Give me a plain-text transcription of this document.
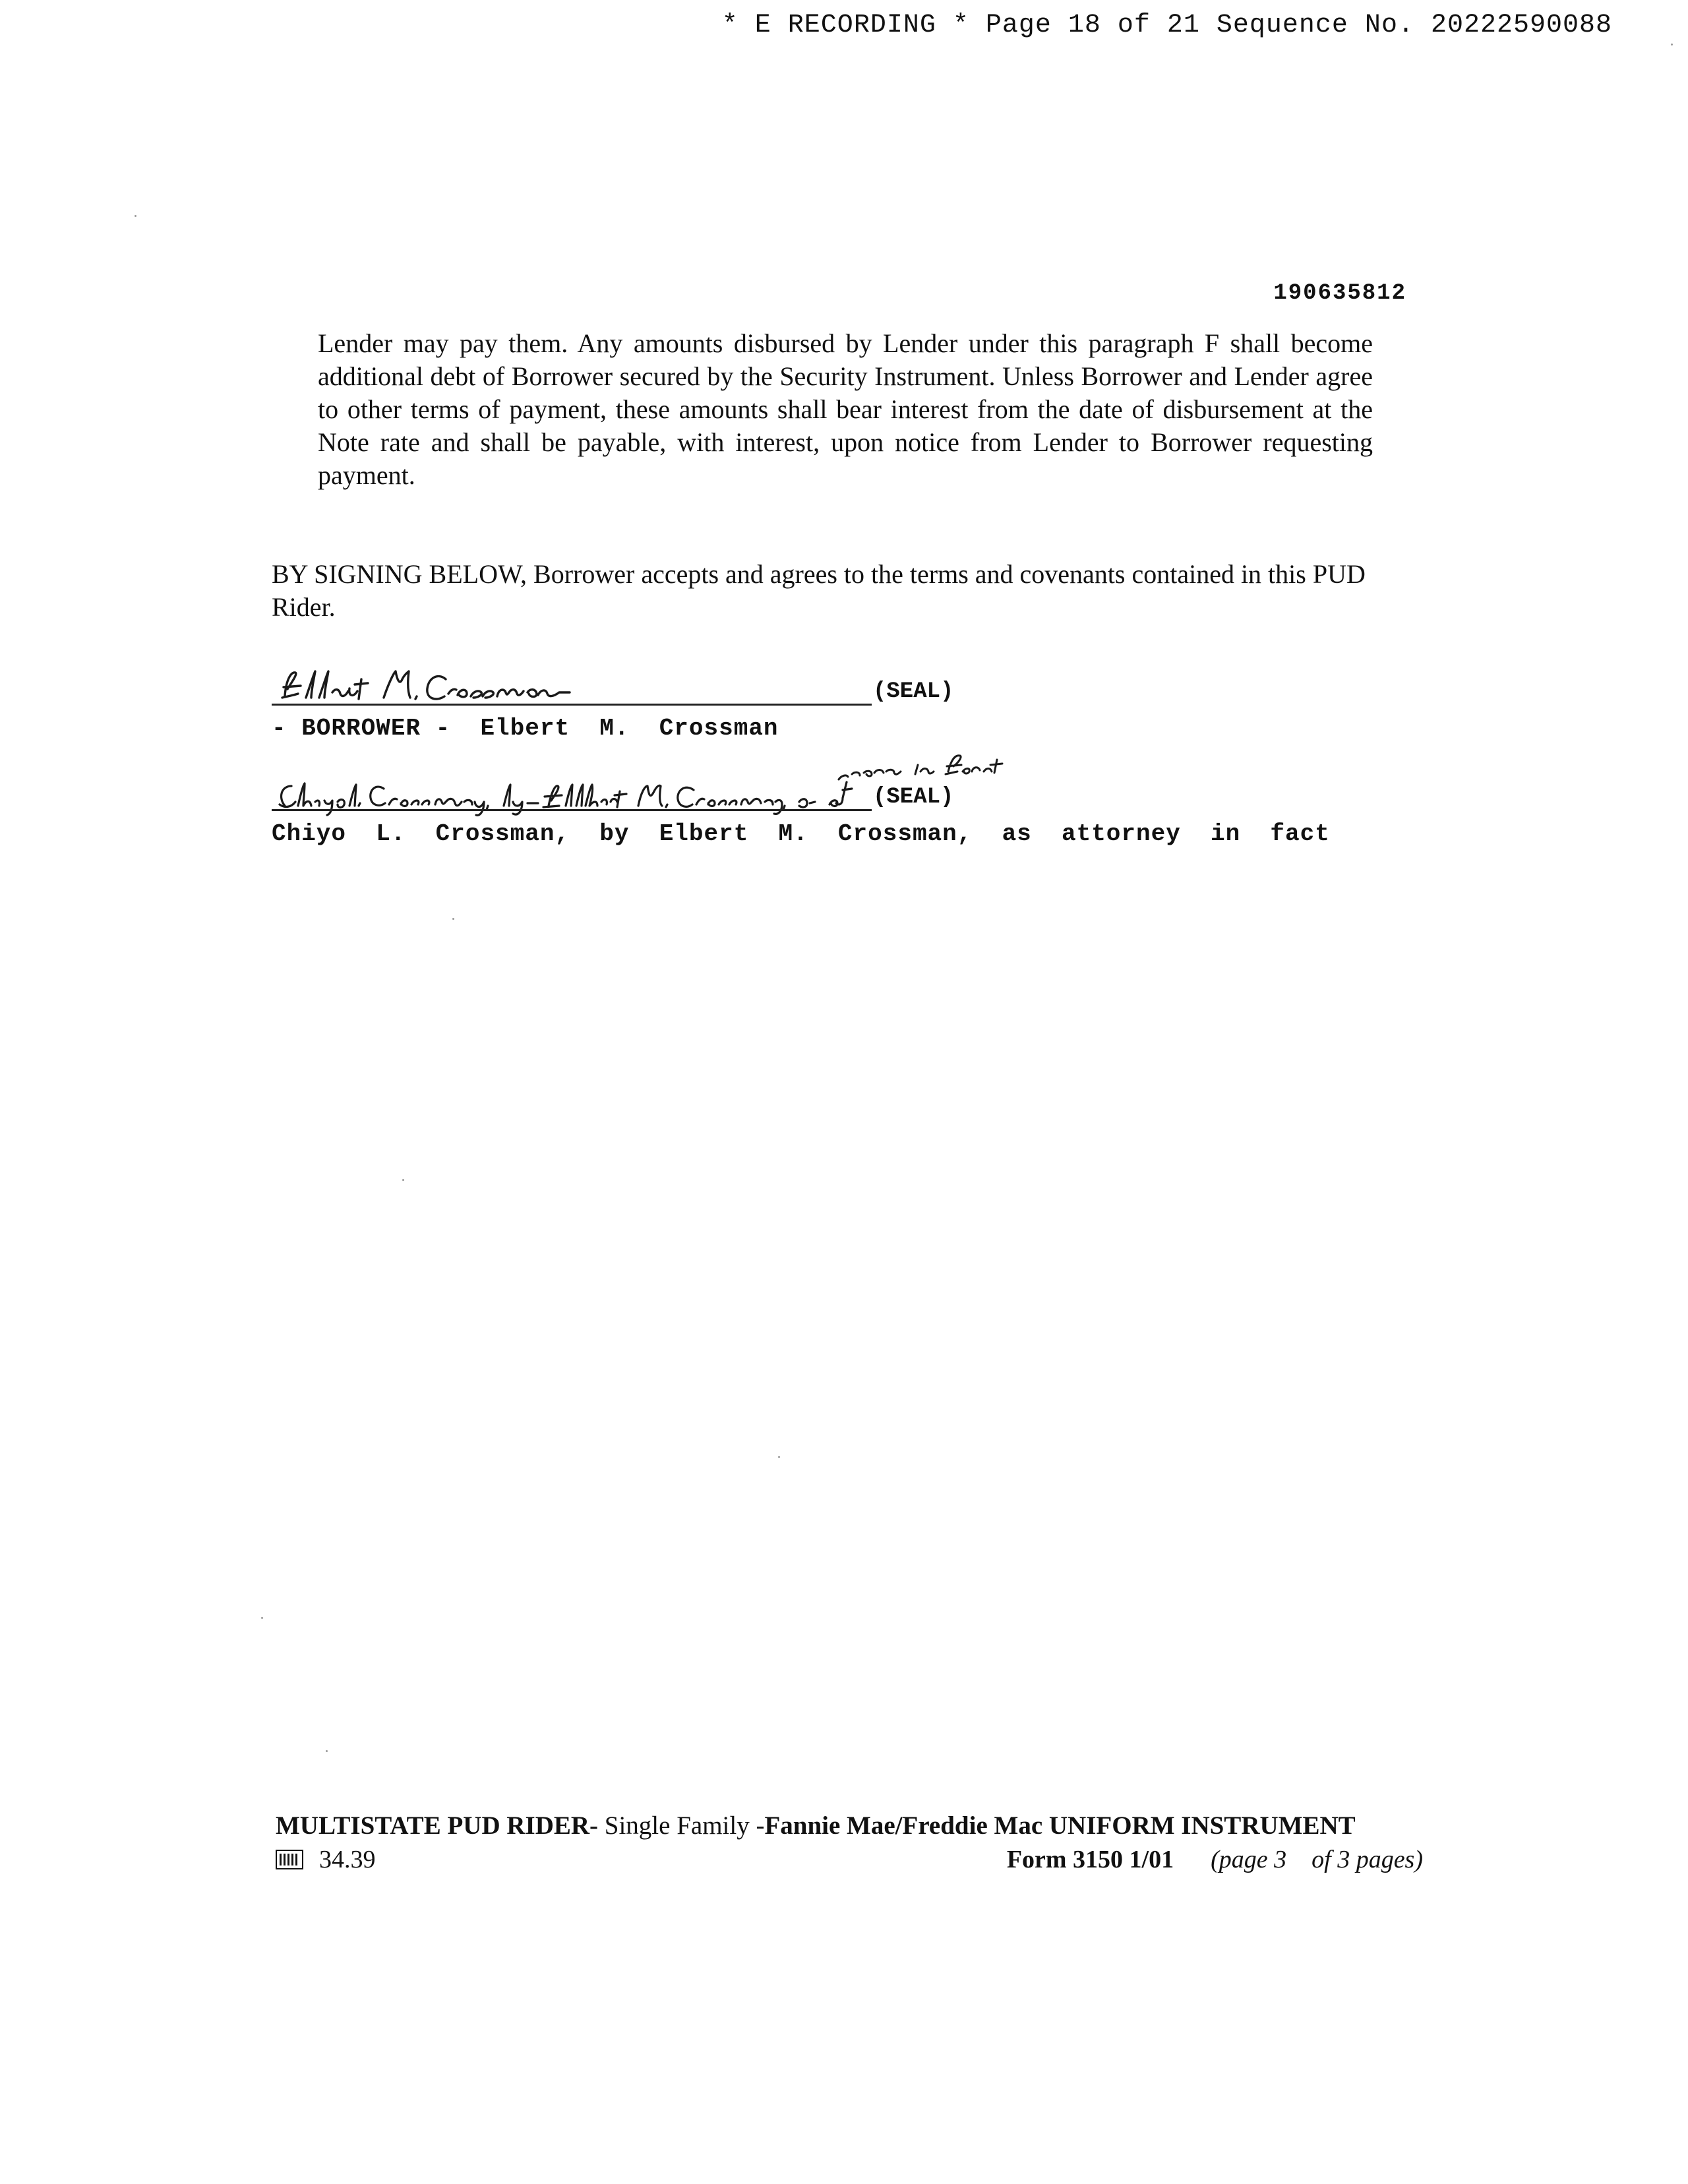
* E RECORDING * Page 18 of 21 Sequence No. 20222590088
190635812
Lender may pay them. Any amounts disbursed by Lender under this paragraph F shall become additional debt of Borrower secured by the Security Instrument. Unless Borrower and Lender agree to other terms of payment, these amounts shall bear interest from the date of disbursement at the Note rate and shall be payable, with interest, upon notice from Lender to Borrower requesting payment.
BY SIGNING BELOW, Borrower accepts and agrees to the terms and covenants contained in this PUD Rider.
(SEAL)
- BORROWER -  Elbert  M.  Crossman
(SEAL)
Chiyo  L.  Crossman,  by  Elbert  M.  Crossman,  as  attorney  in  fact
MULTISTATE PUD RIDER- Single Family -Fannie Mae/Freddie Mac UNIFORM INSTRUMENT
34.39	Form 3150 1/01 (page 3    of 3 pages)
